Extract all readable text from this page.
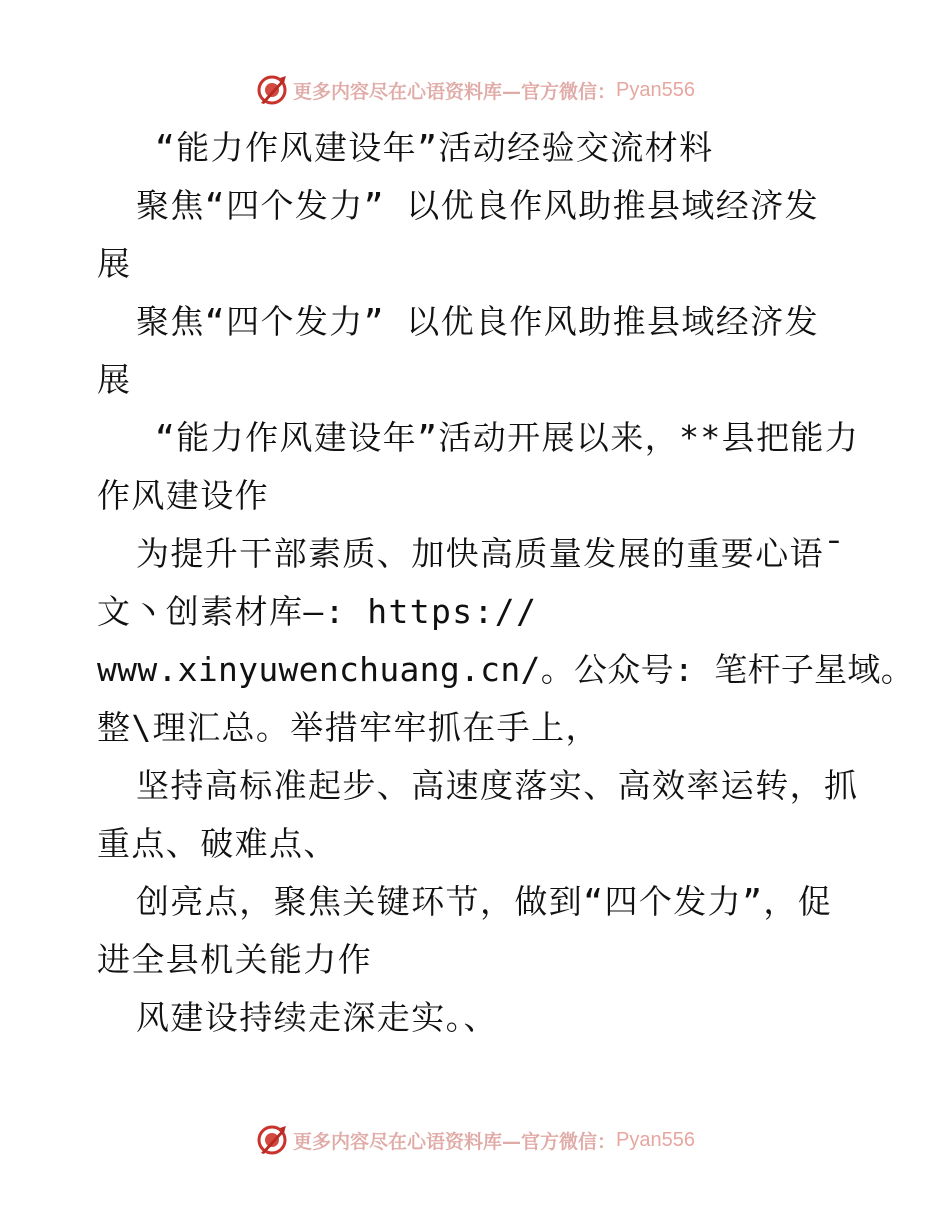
更多内容尽在心语资料库—官方微信： Pyan556
“能力作风建设年”活动经验交流材料
聚焦“四个发力” 以优良作风助推县域经济发
展
聚焦“四个发力” 以优良作风助推县域经济发
展
“能力作风建设年”活动开展以来，**县把能力
作风建设作
为提升干部素质、加快高质量发展的重要心语¯
文丶创素材库—: https://
www.xinyuwenchuang.cn/。公众号: 笔杆子星域。
整\理汇总。举措牢牢抓在手上，
坚持高标准起步、高速度落实、高效率运转，抓
重点、破难点、
创亮点，聚焦关键环节，做到“四个发力”，促
进全县机关能力作
风建设持续走深走实。、
更多内容尽在心语资料库—官方微信： Pyan556
